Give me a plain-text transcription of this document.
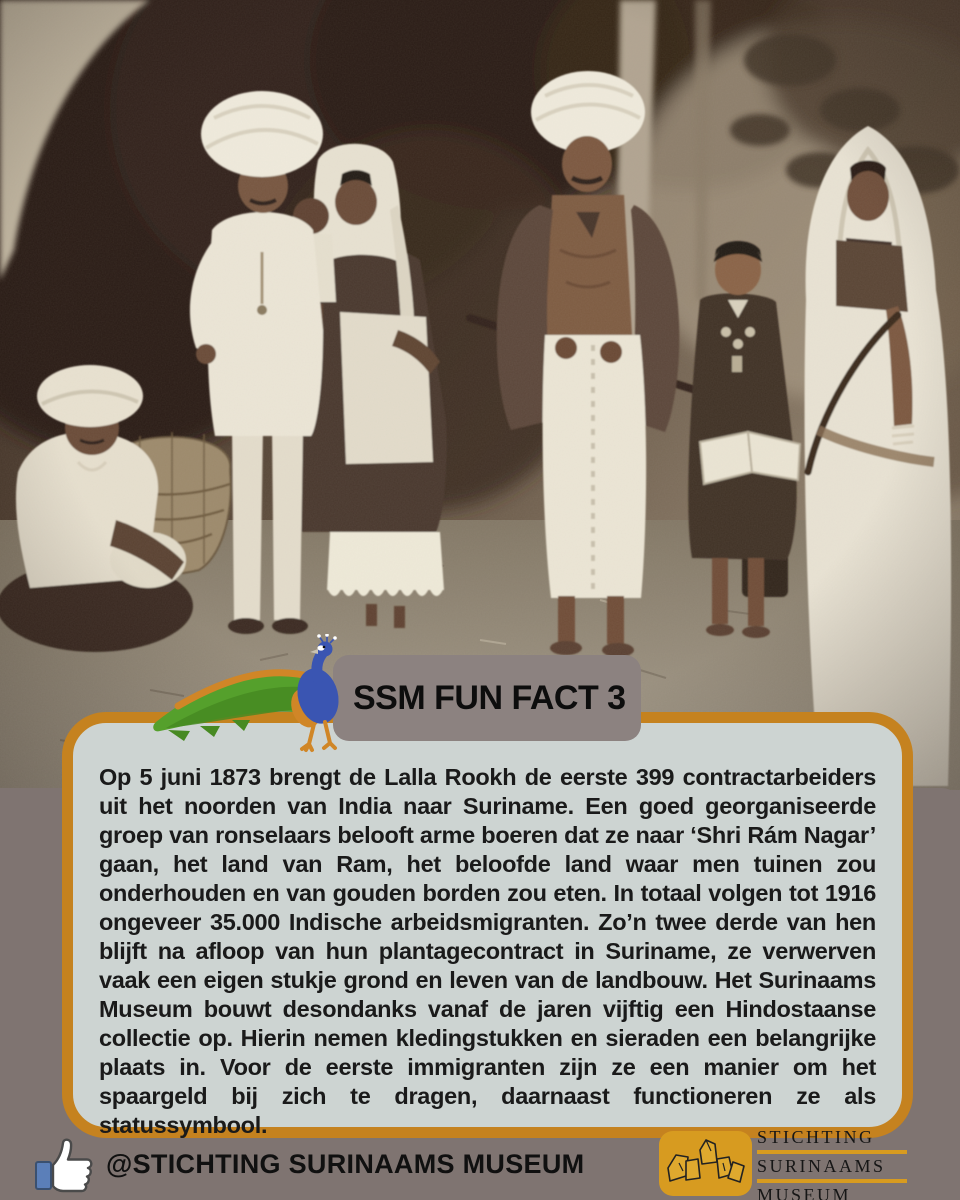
Op 5 juni 1873 brengt de Lalla Rookh de eerste 399 contractarbeiders uit het noorden van India naar Suriname. Een goed georganiseerde groep van ronselaars belooft arme boeren dat ze naar ‘Shri Rám Nagar’ gaan, het land van Ram, het beloofde land waar men tuinen zou onderhouden en van gouden borden zou eten. In totaal volgen tot 1916 ongeveer 35.000 Indische arbeidsmigranten. Zo’n twee derde van hen blijft na afloop van hun plantagecontract in Suriname, ze verwerven vaak een eigen stukje grond en leven van de landbouw. Het Surinaams Museum bouwt desondanks vanaf de jaren vijftig een Hindostaanse collectie op. Hierin nemen kledingstukken en sieraden een belangrijke plaats in. Voor de eerste immigranten zijn ze een manier om het spaargeld bij zich te dragen, daarnaast functioneren ze als statussymbool.

SSM FUN FACT 3
@STICHTING SURINAAMS MUSEUM
STICHTING
SURINAAMS
MUSEUM
